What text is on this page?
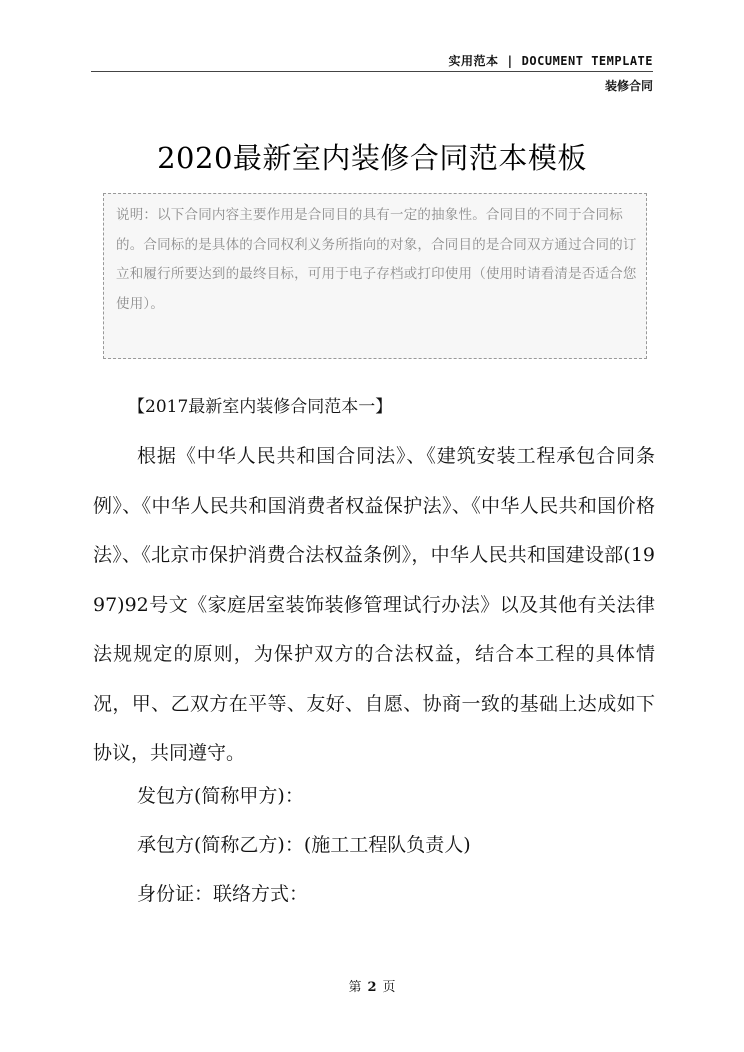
实用范本 | DOCUMENT TEMPLATE
装修合同
2020最新室内装修合同范本模板
说明：以下合同内容主要作用是合同目的具有一定的抽象性。合同目的不同于合同标的。合同标的是具体的合同权利义务所指向的对象，合同目的是合同双方通过合同的订立和履行所要达到的最终目标，可用于电子存档或打印使用（使用时请看清是否适合您使用）。
【2017最新室内装修合同范本一】
根据《中华人民共和国合同法》、《建筑安装工程承包合同条例》、《中华人民共和国消费者权益保护法》、《中华人民共和国价格法》、《北京市保护消费合法权益条例》，中华人民共和国建设部(1997)92号文《家庭居室装饰装修管理试行办法》以及其他有关法律法规规定的原则，为保护双方的合法权益，结合本工程的具体情况，甲、乙双方在平等、友好、自愿、协商一致的基础上达成如下协议，共同遵守。
发包方(简称甲方)：
承包方(简称乙方)：(施工工程队负责人)
身份证：联络方式：
第 2 页
